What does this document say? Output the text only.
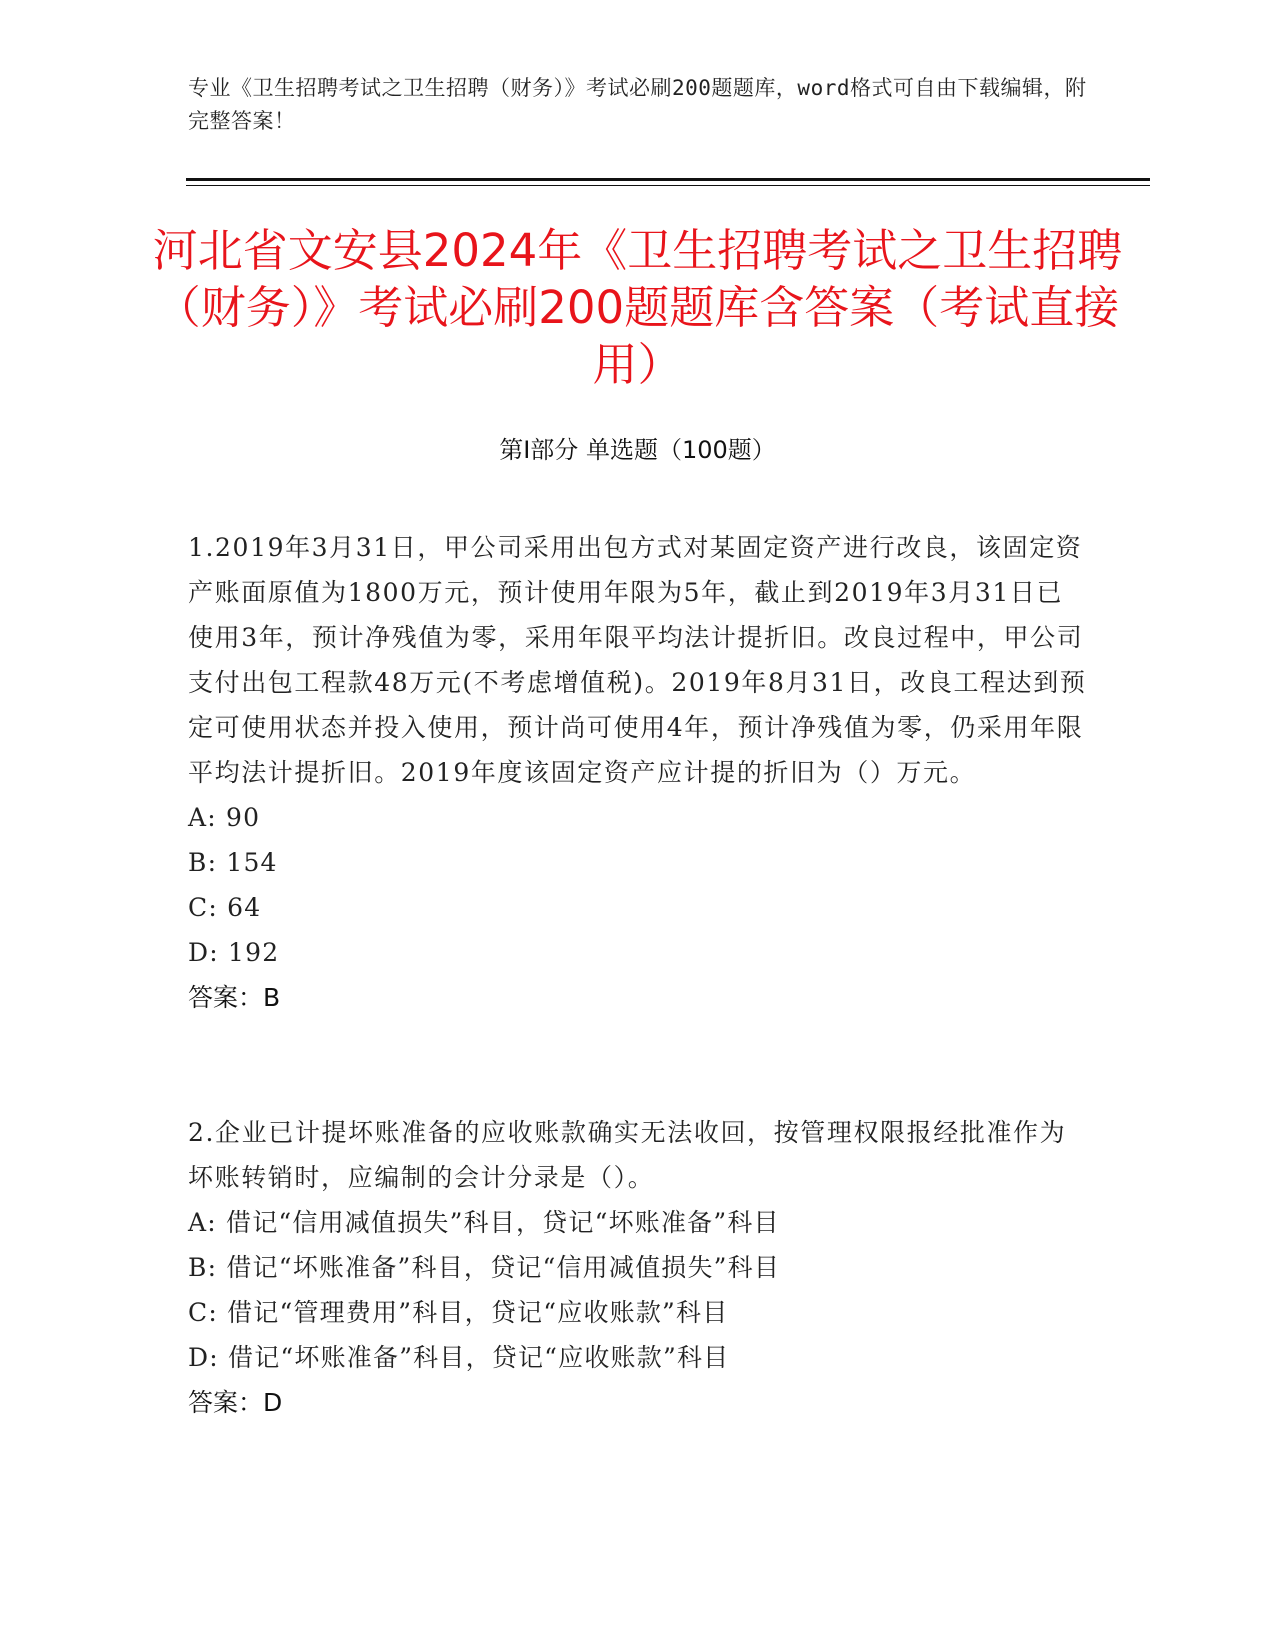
专业《卫生招聘考试之卫生招聘（财务）》考试必刷200题题库，word格式可自由下载编辑，附完整答案！
河北省文安县2024年《卫生招聘考试之卫生招聘（财务）》考试必刷200题题库含答案（考试直接用）
第I部分 单选题（100题）

1.2019年3月31日，甲公司采用出包方式对某固定资产进行改良，该固定资产账面原值为1800万元，预计使用年限为5年，截止到2019年3月31日已使用3年，预计净残值为零，采用年限平均法计提折旧。改良过程中，甲公司支付出包工程款48万元(不考虑增值税)。2019年8月31日，改良工程达到预定可使用状态并投入使用，预计尚可使用4年，预计净残值为零，仍采用年限平均法计提折旧。2019年度该固定资产应计提的折旧为（）万元。

A: 90

B: 154

C: 64

D: 192

答案：B

2.企业已计提坏账准备的应收账款确实无法收回，按管理权限报经批准作为坏账转销时，应编制的会计分录是（）。

A: 借记“信用减值损失”科目，贷记“坏账准备”科目

B: 借记“坏账准备”科目，贷记“信用减值损失”科目

C: 借记“管理费用”科目，贷记“应收账款”科目

D: 借记“坏账准备”科目，贷记“应收账款”科目

答案：D
